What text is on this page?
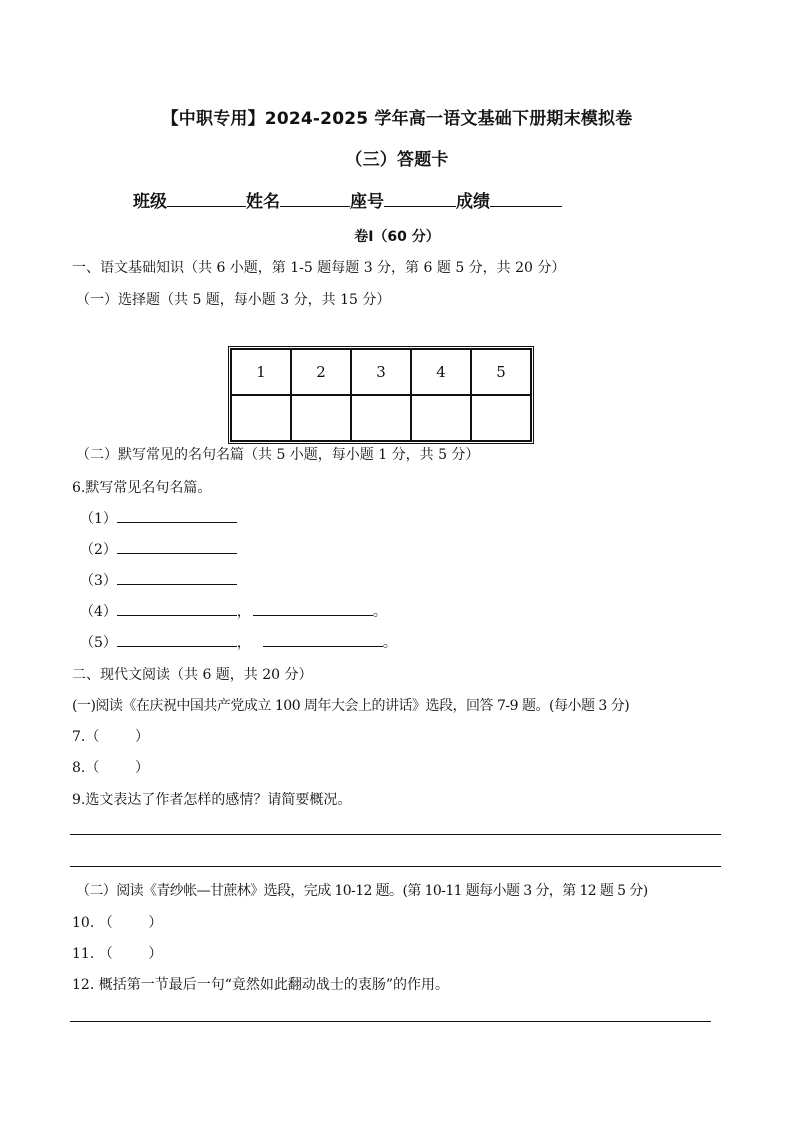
【中职专用】2024-2025 学年高一语文基础下册期末模拟卷
（三）答题卡
班级	姓名	座号	成绩
卷Ⅰ（60 分）
一、语文基础知识（共 6 小题，第 1-5 题每题 3 分，第 6 题 5 分，共 20 分）
（一）选择题（共 5 题，每小题 3 分，共 15 分）
1	2	3	4	5

（二）默写常见的名句名篇（共 5 小题，每小题 1 分，共 5 分）
6.默写常见名句名篇。
（1）
（2）
（3）
（4）	，	。
（5）	，	。
二、现代文阅读（共 6 题，共 20 分）
(一)阅读《在庆祝中国共产党成立 100 周年大会上的讲话》选段，回答 7-9 题。(每小题 3 分)
7.（        ）
8.（        ）
9.选文表达了作者怎样的感情？请简要概况。
（二）阅读《青纱帐—甘蔗林》选段，完成 10-12 题。(第 10-11 题每小题 3 分，第 12 题 5 分)
10. （        ）
11. （        ）
12. 概括第一节最后一句“竟然如此翻动战士的衷肠”的作用。
